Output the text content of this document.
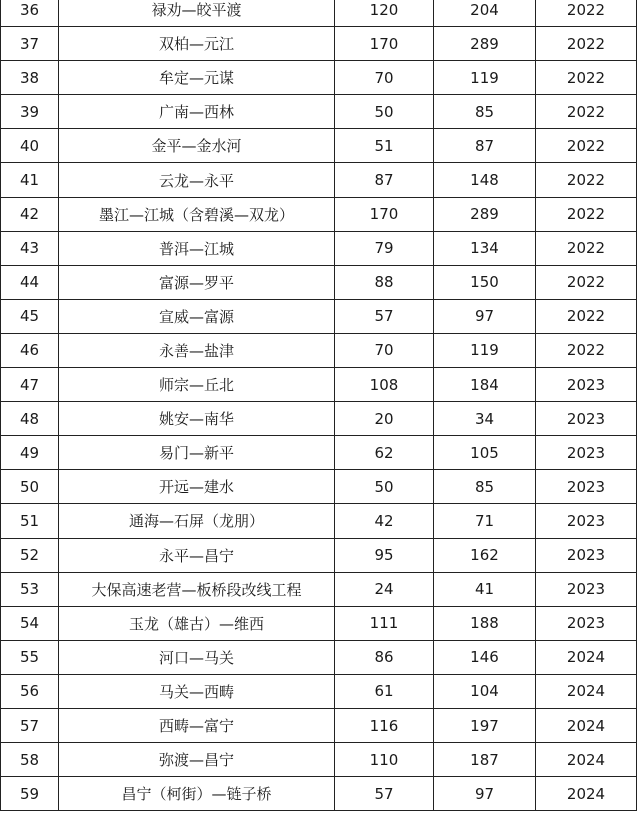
36	禄劝—皎平渡	120	204	2022
37	双柏—元江	170	289	2022
38	牟定—元谋	70	119	2022
39	广南—西林	50	85	2022
40	金平—金水河	51	87	2022
41	云龙—永平	87	148	2022
42	墨江—江城（含碧溪—双龙）	170	289	2022
43	普洱—江城	79	134	2022
44	富源—罗平	88	150	2022
45	宣威—富源	57	97	2022
46	永善—盐津	70	119	2022
47	师宗—丘北	108	184	2023
48	姚安—南华	20	34	2023
49	易门—新平	62	105	2023
50	开远—建水	50	85	2023
51	通海—石屏（龙朋）	42	71	2023
52	永平—昌宁	95	162	2023
53	大保高速老营—板桥段改线工程	24	41	2023
54	玉龙（雄古）—维西	111	188	2023
55	河口—马关	86	146	2024
56	马关—西畴	61	104	2024
57	西畴—富宁	116	197	2024
58	弥渡—昌宁	110	187	2024
59	昌宁（柯街）—链子桥	57	97	2024
